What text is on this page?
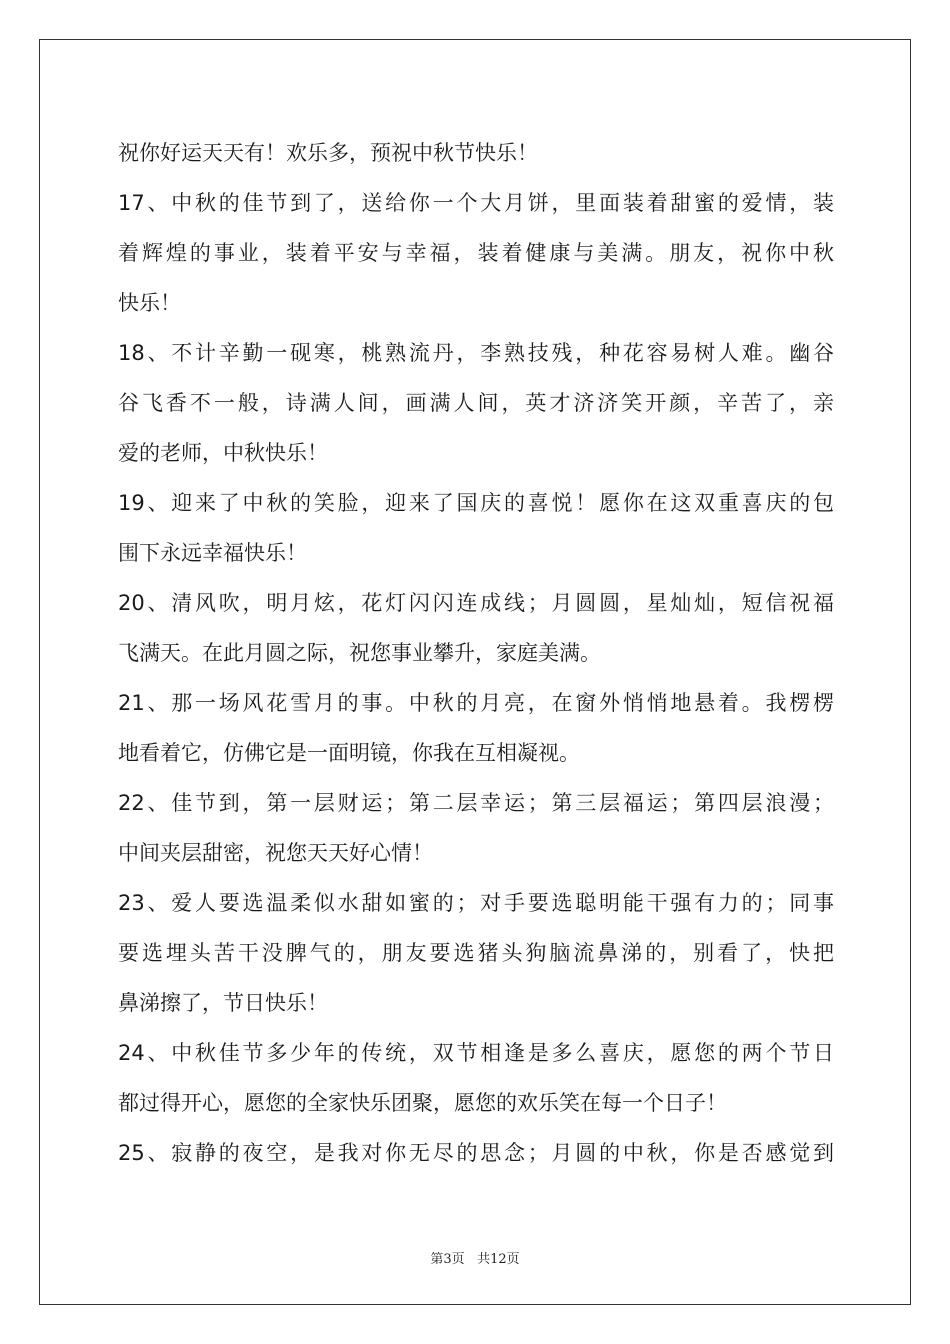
祝你好运天天有！欢乐多，预祝中秋节快乐！
17、中秋的佳节到了，送给你一个大月饼，里面装着甜蜜的爱情，装
着辉煌的事业，装着平安与幸福，装着健康与美满。朋友，祝你中秋
快乐！
18、不计辛勤一砚寒，桃熟流丹，李熟技残，种花容易树人难。幽谷
谷飞香不一般，诗满人间，画满人间，英才济济笑开颜，辛苦了，亲
爱的老师，中秋快乐！
19、迎来了中秋的笑脸，迎来了国庆的喜悦！愿你在这双重喜庆的包
围下永远幸福快乐！
20、清风吹，明月炫，花灯闪闪连成线；月圆圆，星灿灿，短信祝福
飞满天。在此月圆之际，祝您事业攀升，家庭美满。
21、那一场风花雪月的事。中秋的月亮，在窗外悄悄地悬着。我楞楞
地看着它，仿佛它是一面明镜，你我在互相凝视。
22、佳节到，第一层财运；第二层幸运；第三层福运；第四层浪漫；
中间夹层甜密，祝您天天好心情！
23、爱人要选温柔似水甜如蜜的；对手要选聪明能干强有力的；同事
要选埋头苦干没脾气的，朋友要选猪头狗脑流鼻涕的，别看了，快把
鼻涕擦了，节日快乐！
24、中秋佳节多少年的传统，双节相逢是多么喜庆，愿您的两个节日
都过得开心，愿您的全家快乐团聚，愿您的欢乐笑在每一个日子！
25、寂静的夜空，是我对你无尽的思念；月圆的中秋，你是否感觉到
第3页 共12页
